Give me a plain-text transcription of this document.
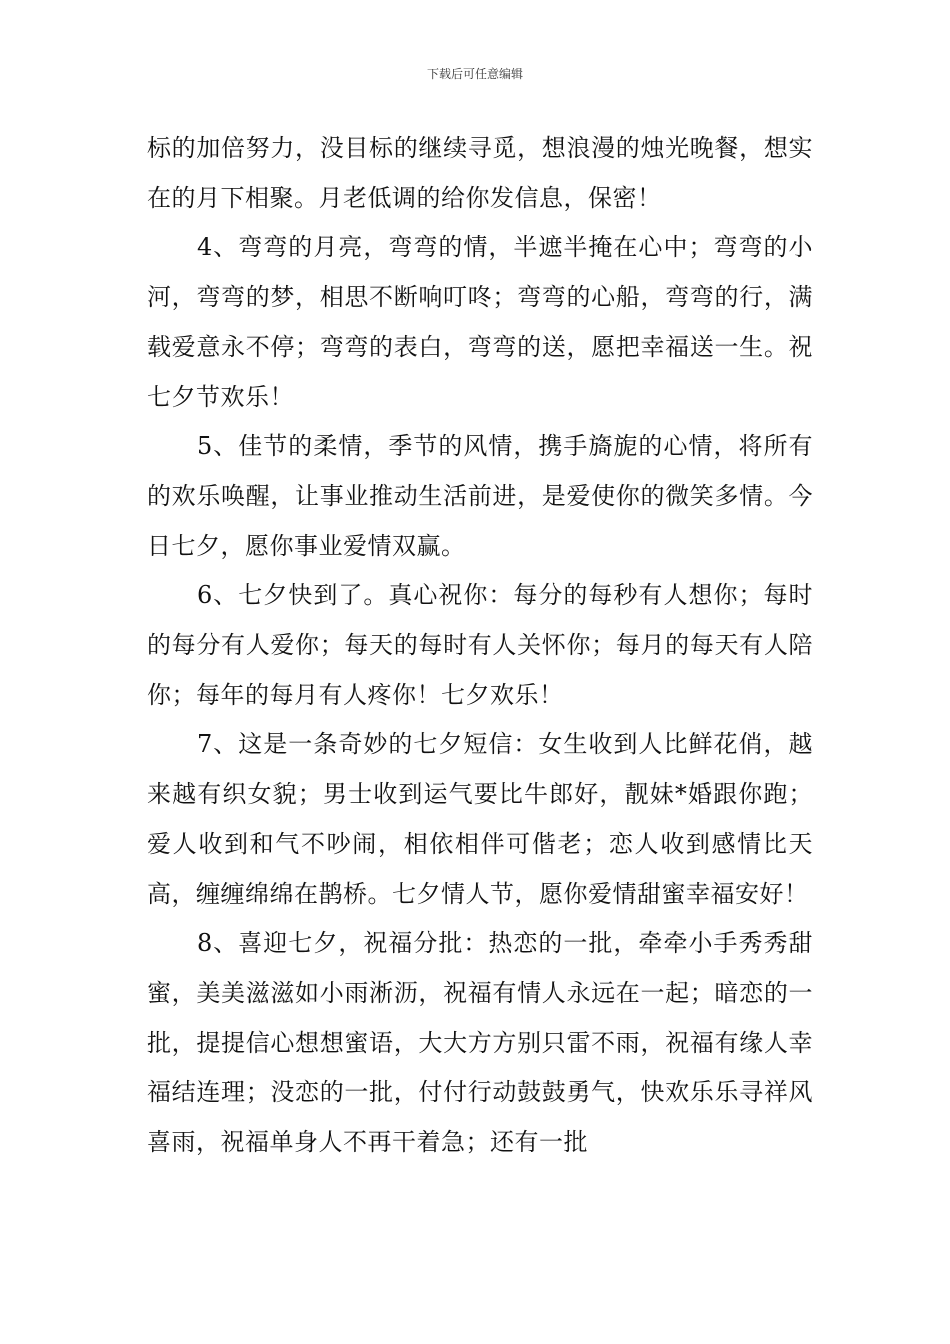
下载后可任意编辑

标的加倍努力，没目标的继续寻觅，想浪漫的烛光晚餐，想实在的月下相聚。月老低调的给你发信息，保密！

4、弯弯的月亮，弯弯的情，半遮半掩在心中；弯弯的小河，弯弯的梦，相思不断响叮咚；弯弯的心船，弯弯的行，满载爱意永不停；弯弯的表白，弯弯的送，愿把幸福送一生。祝七夕节欢乐！

5、佳节的柔情，季节的风情，携手旖旎的心情，将所有的欢乐唤醒，让事业推动生活前进，是爱使你的微笑多情。今日七夕，愿你事业爱情双赢。

6、七夕快到了。真心祝你：每分的每秒有人想你；每时的每分有人爱你；每天的每时有人关怀你；每月的每天有人陪你；每年的每月有人疼你！七夕欢乐！

7、这是一条奇妙的七夕短信：女生收到人比鲜花俏，越来越有织女貌；男士收到运气要比牛郎好，靓妹*婚跟你跑；爱人收到和气不吵闹，相依相伴可偕老；恋人收到感情比天高，缠缠绵绵在鹊桥。七夕情人节，愿你爱情甜蜜幸福安好！

8、喜迎七夕，祝福分批：热恋的一批，牵牵小手秀秀甜蜜，美美滋滋如小雨淅沥，祝福有情人永远在一起；暗恋的一批，提提信心想想蜜语，大大方方别只雷不雨，祝福有缘人幸福结连理；没恋的一批，付付行动鼓鼓勇气，快欢乐乐寻祥风喜雨，祝福单身人不再干着急；还有一批
